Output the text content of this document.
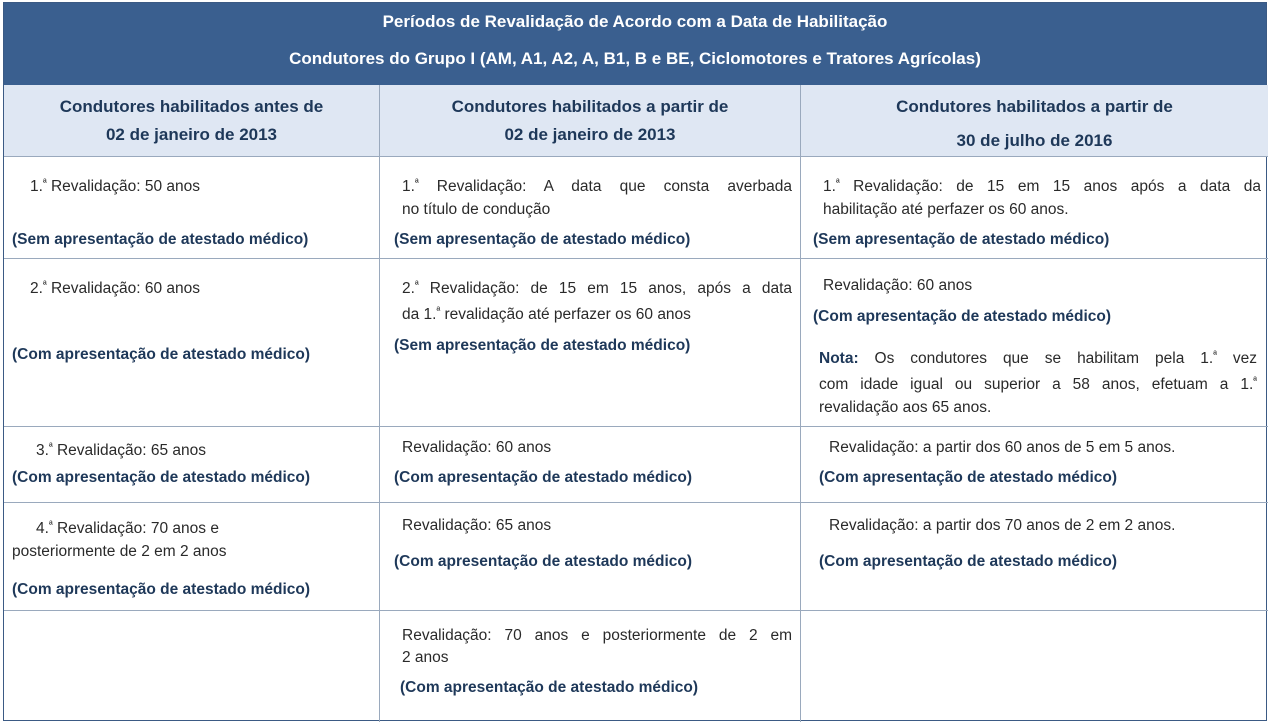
Períodos de Revalidação de Acordo com a Data de Habilitação
Condutores do Grupo I (AM, A1, A2, A, B1, B e BE, Ciclomotores e Tratores Agrícolas)
Condutores habilitados antes de
02 de janeiro de 2013
Condutores habilitados a partir de
02 de janeiro de 2013
Condutores habilitados a partir de
30 de julho de 2016
1.$^ª$ Revalidação: 50 anos
(Sem apresentação de atestado médico)
2.$^ª$ Revalidação: 60 anos
(Com apresentação de atestado médico)
3.$^ª$ Revalidação: 65 anos
(Com apresentação de atestado médico)
4.$^ª$ Revalidação: 70 anos e
posteriormente de 2 em 2 anos
(Com apresentação de atestado médico)
1.$^ª$ Revalidação: A data que consta averbada
no título de condução
(Sem apresentação de atestado médico)
2.$^ª$ Revalidação: de 15 em 15 anos, após a data
da 1.$^ª$ revalidação até perfazer os 60 anos
(Sem apresentação de atestado médico)
Revalidação: 60 anos
(Com apresentação de atestado médico)
Revalidação: 65 anos
(Com apresentação de atestado médico)
Revalidação: 70 anos e posteriormente de 2 em
2 anos
(Com apresentação de atestado médico)
1.$^ª$ Revalidação: de 15 em 15 anos após a data da
habilitação até perfazer os 60 anos.
(Sem apresentação de atestado médico)
Revalidação: 60 anos
(Com apresentação de atestado médico)
Nota: Os condutores que se habilitam pela 1.$^ª$ vez
com idade igual ou superior a 58 anos, efetuam a 1.$^ª$
revalidação aos 65 anos.
Revalidação: a partir dos 60 anos de 5 em 5 anos.
(Com apresentação de atestado médico)
Revalidação: a partir dos 70 anos de 2 em 2 anos.
(Com apresentação de atestado médico)
